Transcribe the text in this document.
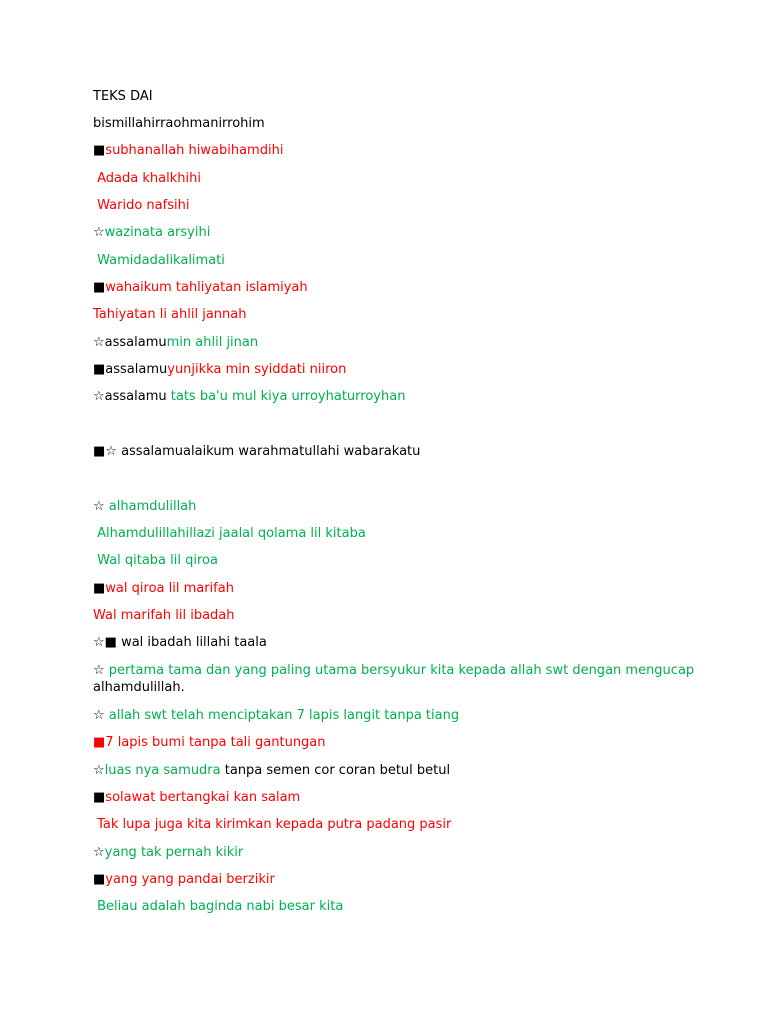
TEKS DAI
bismillahirraohmanirrohim
■subhanallah hiwabihamdihi
Adada khalkhihi
Warido nafsihi
☆wazinata arsyihi
Wamidadalikalimati
■wahaikum tahliyatan islamiyah
Tahiyatan li ahlil jannah
☆assalamumin ahlil jinan
■assalamuyunjikka min syiddati niiron
☆assalamu tats ba'u mul kiya urroyhaturroyhan
■☆ assalamualaikum warahmatullahi wabarakatu
☆ alhamdulillah
Alhamdulillahillazi jaalal qolama lil kitaba
Wal qitaba lil qiroa
■wal qiroa lil marifah
Wal marifah lil ibadah
☆■ wal ibadah lillahi taala
☆ pertama tama dan yang paling utama bersyukur kita kepada allah swt dengan mengucap
alhamdulillah.
☆ allah swt telah menciptakan 7 lapis langit tanpa tiang
■7 lapis bumi tanpa tali gantungan
☆luas nya samudra tanpa semen cor coran betul betul
■solawat bertangkai kan salam
Tak lupa juga kita kirimkan kepada putra padang pasir
☆yang tak pernah kikir
■yang yang pandai berzikir
Beliau adalah baginda nabi besar kita
